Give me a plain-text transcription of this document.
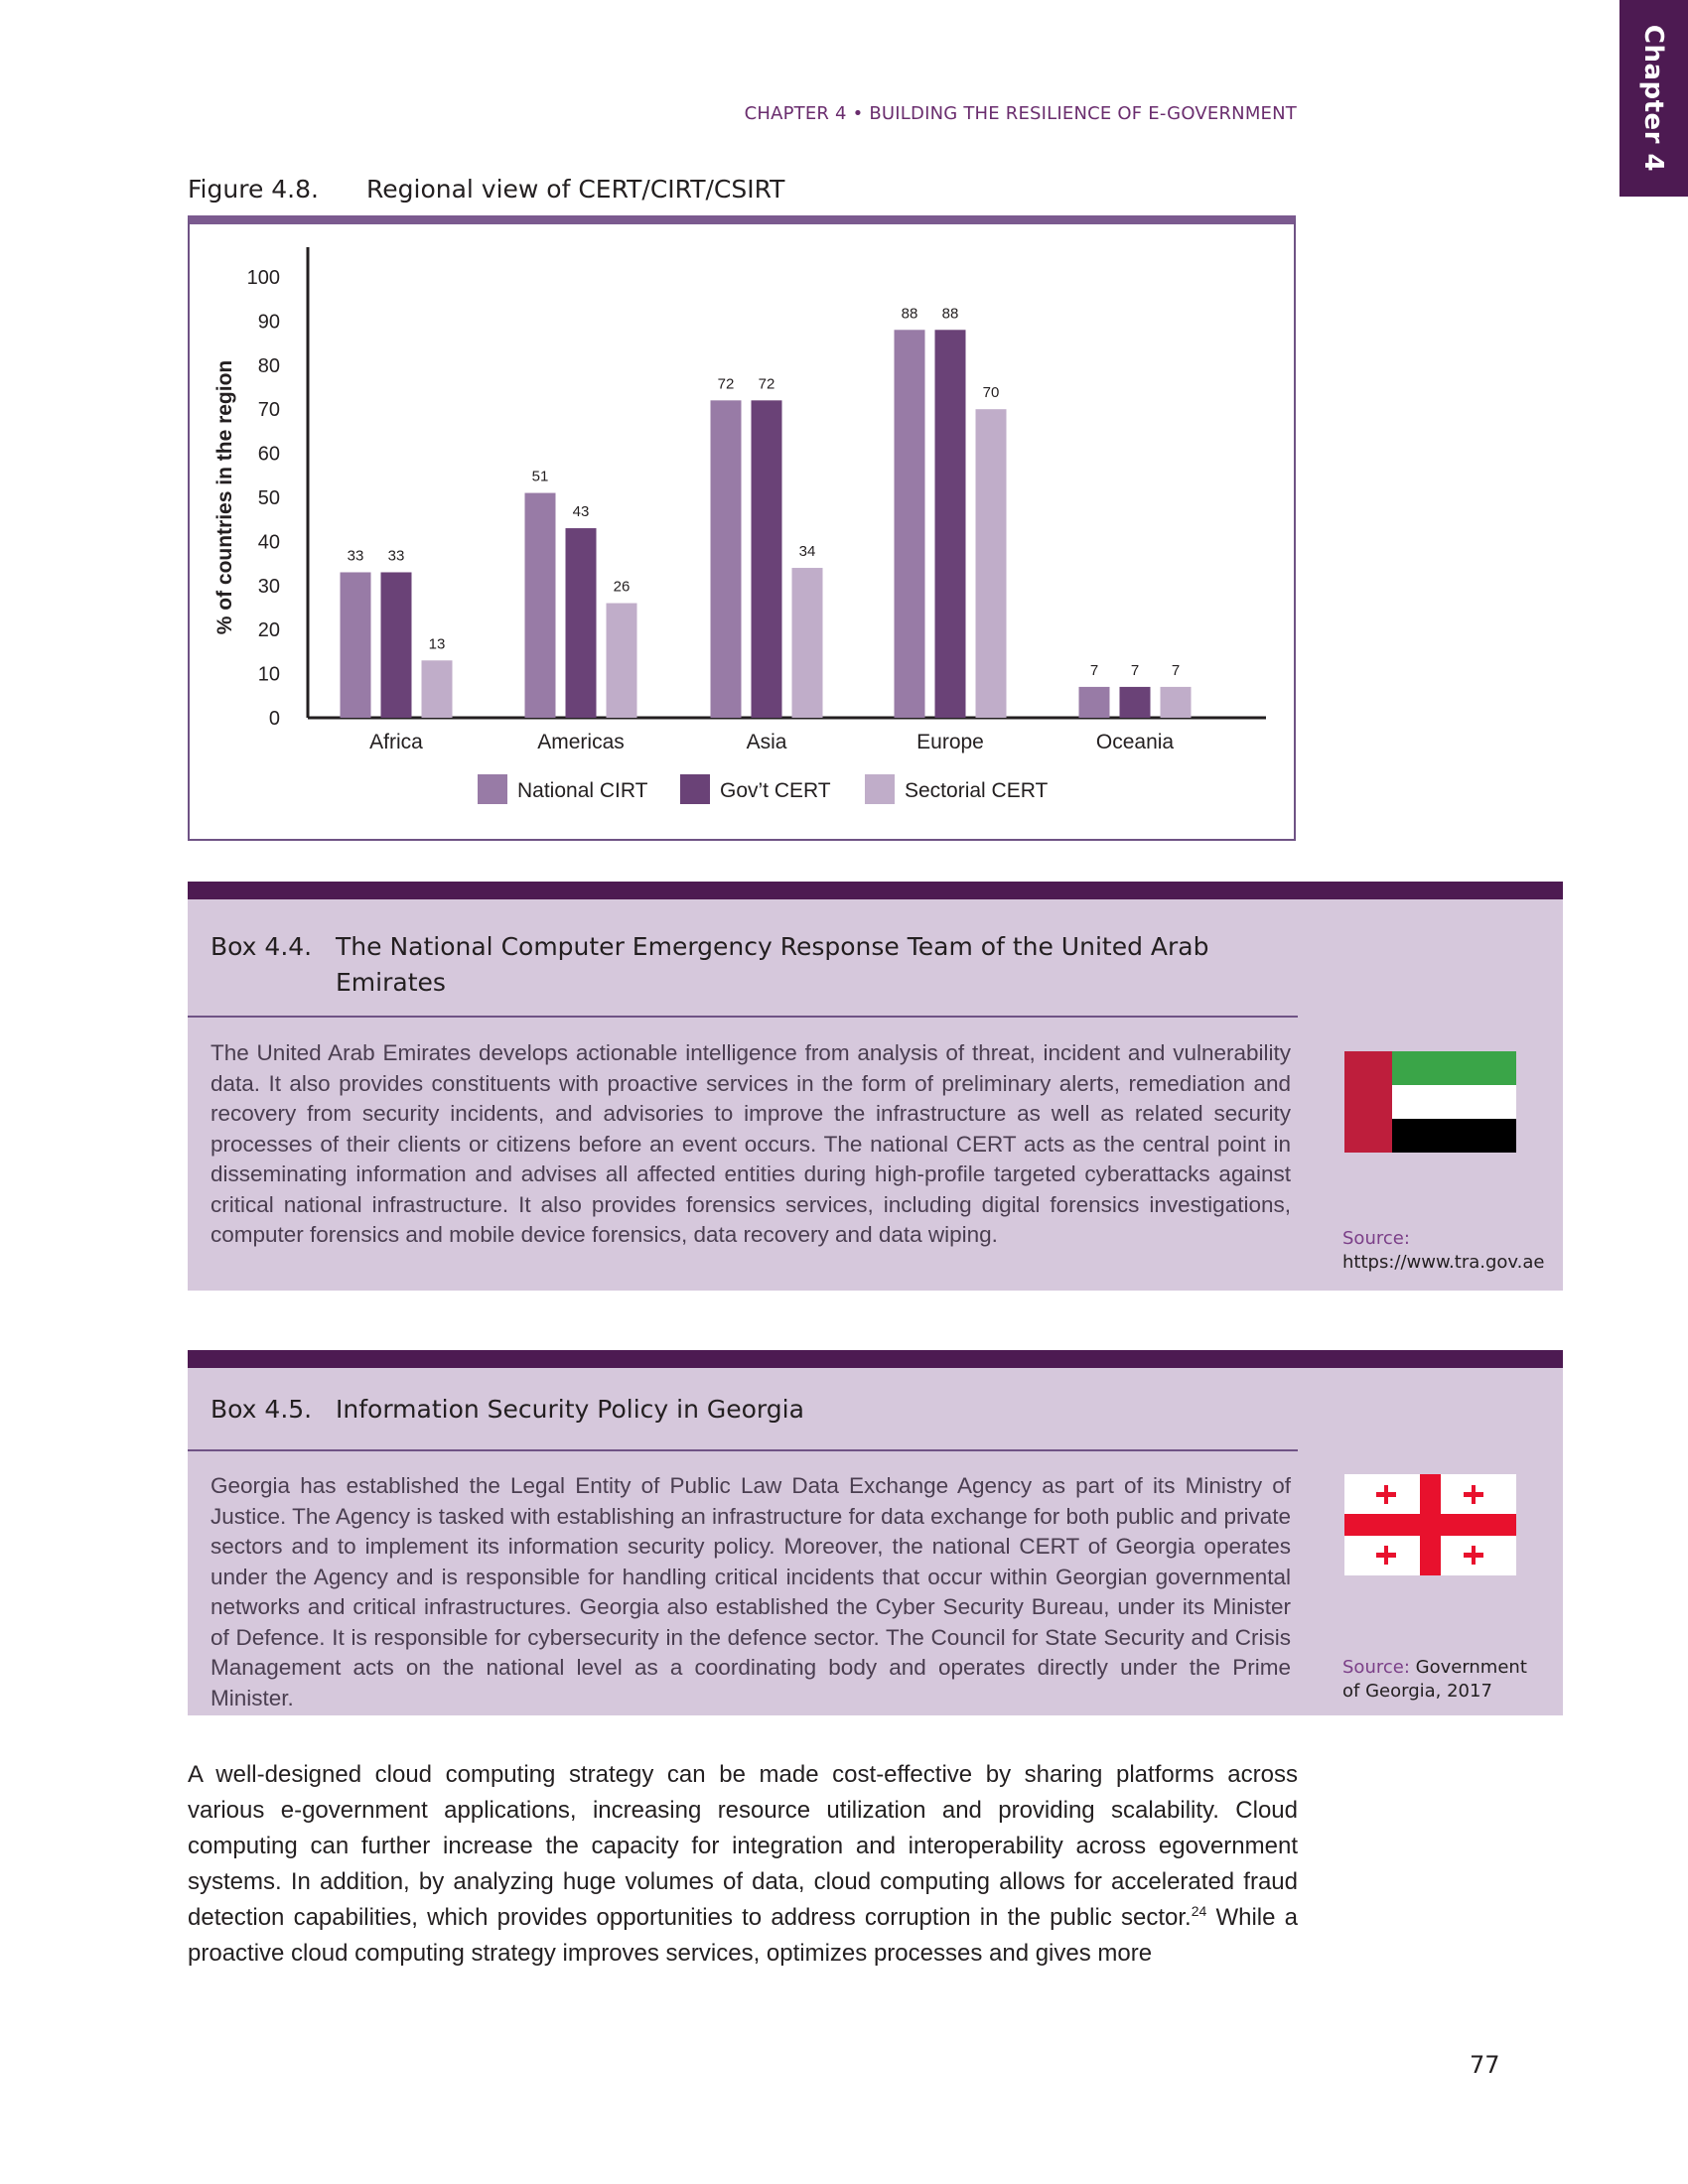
Chapter 4
CHAPTER 4 • BUILDING THE RESILIENCE OF E-GOVERNMENT
Figure 4.8. Regional view of CERT/CIRT/CSIRT
0
10
20
30
40
50
60
70
80
90
100
% of countries in the region	33 33
13
Africa
51
43
26
Americas
72 72
34
Asia
88 88
70
Europe
7 7 7
Oceania
National CIRT	Gov’t CERT	Sectorial CERT
Box 4.4. The National Computer Emergency Response Team of the United Arab Emirates
The United Arab Emirates develops actionable intelligence from analysis of threat, incident and vulnerability data. It also provides constituents with proactive services in the form of preliminary alerts, remediation and recovery from security incidents, and advisories to improve the infrastructure as well as related security processes of their clients or citizens before an event occurs. The national CERT acts as the central point in disseminating information and advises all affected entities during high-profile targeted cyberattacks against critical national infrastructure. It also provides forensics services, including digital forensics investigations, computer forensics and mobile device forensics, data recovery and data wiping.	Source: https://www.tra.gov.ae
Box 4.5. Information Security Policy in Georgia
Georgia has established the Legal Entity of Public Law Data Exchange Agency as part of its Ministry of Justice. The Agency is tasked with establishing an infrastructure for data exchange for both public and private sectors and to implement its information security policy. Moreover, the national CERT of Georgia operates under the Agency and is responsible for handling critical incidents that occur within Georgian governmental networks and critical infrastructures. Georgia also established the Cyber Security Bureau, under its Minister of Defence. It is responsible for cybersecurity in the defence sector. The Council for State Security and Crisis Management acts on the national level as a coordinating body and operates directly under the Prime Minister.
Source: Government of Georgia, 2017
A well-designed cloud computing strategy can be made cost-effective by sharing platforms across various e-government applications, increasing resource utilization and providing scalability. Cloud computing can further increase the capacity for integration and interoperability across egovernment systems. In addition, by analyzing huge volumes of data, cloud computing allows for accelerated fraud detection capabilities, which provides opportunities to address corruption in the public sector.$^{24}$ While a proactive cloud computing strategy improves services, optimizes processes and gives more
77
